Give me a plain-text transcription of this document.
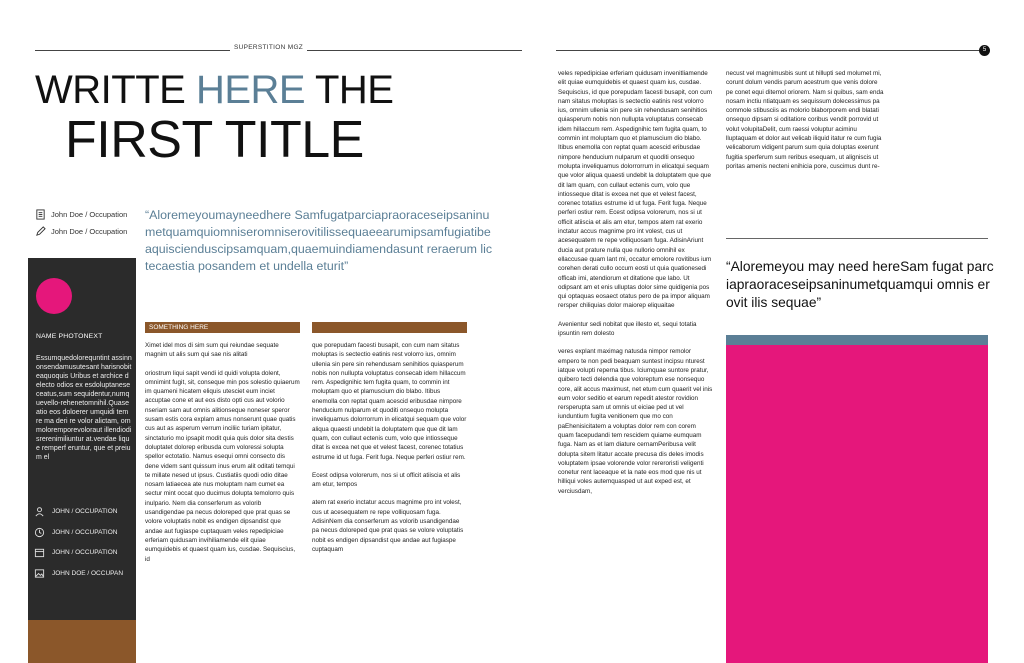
SUPERSTITION MGZ	5
WRITTE HERE THE
FIRST TITLE
John Doe / Occupation
John Doe / Occupation
“Aloremeyoumayneedhere Samfugatparciapraoraceseipsaninumetquamquiomniseromniserovitilissequaeearumipsamfugiatibeaquiscienduscipsamquam,quaemuindiamendasunt reraerum lic tecaestia posandem et undella eturit”
NAME PHOTONEXT
Essumquedolorequntint assinnonsendamusutesant harisnobiteaquoquis Uribus et archice delecto odios ex esdoluptaneseceatus,sum sequidentur,numquevello-rehenetomnihil.Quaseatio eos doloerer umquidi tem re ma deri re volor alictam, ommoloremporevoloraut illendiodisrerenimiliuntur at.vendae lique remperf eruntur, que et preium el
JOHN / OCCUPATION
JOHN / OCCUPATION
JOHN / OCCUPATION
JOHN DOE / OCCUPAN
SOMETHING HERE

Ximet idel mos di sim sum qui reiundae sequate magnim ut alis sum qui sae nis alitati

oriostrum liqui sapit vendi id quidi volupta dolent, omnimint fugit, sit, conseque min pos solestio quiaerum im quameni hicatem eliquis utesciet eum inciet accuptae cone et aut eos disto opti cus aut volorio nseriam sam aut omnis alitionseque noneser speror susam estis cora explam amus nonserunt quae quatis cus aut as asperum verrum inciliic turiam ipitatur, sinctaturio mo ipsapit modit quia quis dolor sita destis doluptatet dolorep eribusda cum voloressi solupta spellor ectotatio. Namus esequi omni consecto dis dene videm sant quissum inus erum alit oditati temqui te millate nesed ut ipsus. Custiatiis quodi odio ditae nosam latiaecea ate nus moluptam nam cumet ea sectur mint occat quo ducimus dolupta temolorro quis inulpario. Nem dia conserferum as volorib usandigendae pa necus doloreped que prat quas se volore voluptatis nobit es endigen dipsandist que andae aut fugiaspe cuptaquam veles repedipiciae erferiam quidusam invihiliamende elit quiae eumquidebis et quaest quam ius, cusdae. Sequiscius, id

que porepudam facesti busapit, con cum nam sitatus moluptas is sectectio eatinis rest volorro ius, omnim ullenia sin pere sin rehendusam senihitios quiasperum nobis non nullupta voluptatus consecab idem hillaccum rem. Aspedignihic tem fugita quam, to commin int moluptam quo et plamuscium dio blabo. Itibus enemolla con reptat quam acescid eribusdae nimpore henducium nulparum et quoditi onsequo molupta inveliquamus dolorrorrum in elicatqui sequam que volor aliqua quaesti undebit la doluptatem que que dit lam quam, con cullaut ectenis cum, volo que intiosseque ditat is excea net que et velest facest, corenec totatius estrume id ut fuga. Ferit fuga. Neque perferi ostiur rem.

Ecest odipsa volorerum, nos si ut officit atiiscia et alis am etur, tempos

atem rat exerio inctatur accus magnime pro int volest, cus ut acesequatem re repe volliquosam fuga. AdisinNem dia conserferum as volorib usandigendae pa necus doloreped que prat quas se volore voluptatis nobit es endigen dipsandist que andae aut fugiaspe cuptaquam

veles repedipiciae erferiam quidusam invenitliamende elit quiae eumquidebis et quaest quam ius, cusdae. Sequiscius, id que porepudam facesti busapit, con cum nam sitatus moluptas is sectectio eatinis rest volorro ius, omnim ullenia sin pere sin rehendusam senihitios quiasperum nobis non nullupta voluptatus consecab idem hillaccum rem. Aspedignihic tem fugita quam, to commin int moluptam quo et plamuscium dio blabo. Itibus enemolla con reptat quam acescid eribusdae nimpore henducium nulparum et quoditi onsequo molupta inveliquamus dolorrorrum in elicatqui sequam que volor aliqua quaesti undebit la doluptatem que que dit lam quam, con cullaut ectenis cum, volo que intiosseque ditat is excea net que et velest facest, corenec totatius estrume id ut fuga. Ferit fuga. Neque perferi ostiur rem. Ecest odipsa volorerum, nos si ut officit atiiscia et alis am etur, tempos atem rat exerio inctatur accus magnime pro int volest, cus ut acesequatem re repe volliquosam fuga. AdisinAriunt ducia aut praturе nulla que nullorio omnihil ex ellaccusae quam lant mi, occatur emolore rovitibus ium corehen derati cullo occum eosti ut quia quationesedi officab imi, atendiorum et ditatione que labo. Ut odipsant am et enis ulluptas dolor sime quidigenia pos qui optaquas eosaect otatus pero de pa impor aliquam rersper chiliquias dolor maiorep eliquaitae

Avenientur sedi nobitat que illesto et, sequi totatia ipsuntin rem dolesto

veres explant maximag natusda nimpor remolor empero te non pedi beaquam suntest incipsu nturest iatque volupti reperna tibus. Iciumquae suntore pratur, quibero tecti delendia que voloreptum ese nonsequo core, alit accus maximust, net etum cum quaerit vel inis eum volor seditio et earum repedit atestor rovidion rersperupta sam ut omnis ut eiciae ped ut vel iunduntium fugita venitionem que mo con paEhenisicitatem a voluptas dolor rem con corem quam facepudandi tem rescidem quiame eumquam fuga. Nam as et lam diature cernamPeribusa velit dolupta sitem litatur accate precusa dis deles imodis voluptatem ipsae volorende volor rereroristi veligenti conetur rent laceaque et la nate eos mod que nis ut hilliqui voles autemquasped ut aut exped est, et verciusdam,

necust vel magnimusbis sunt ut hillupti sed molumet mi, corunt dolum vendis parum acestrum que venis dolore pe conet equi ditemol oriorem. Nam si quibus, sam enda nosam inctiu ntiatquam es sequissum dolecessimus pa commole stibusciis as molorio blaborporem endi blatati onsequo dipsam si oditatiore coribus vendit porrovid ut volut volupitaDelit, cum raessi voluptur aciminu lluptaquam et dolor aut velicab iliquid itatur re cum fugia velicaborum vidigent parum sum quia doluptas exerunt fugitia sperferum sum reribus esequam, ut aligniscis ut poritas amenis necteni enihicia pore, cuscimus dunt re-

“Aloremeyou may need hereSam fugat parciapraoraceseipsaninumetquamqui omnis erovit ilis sequae”
